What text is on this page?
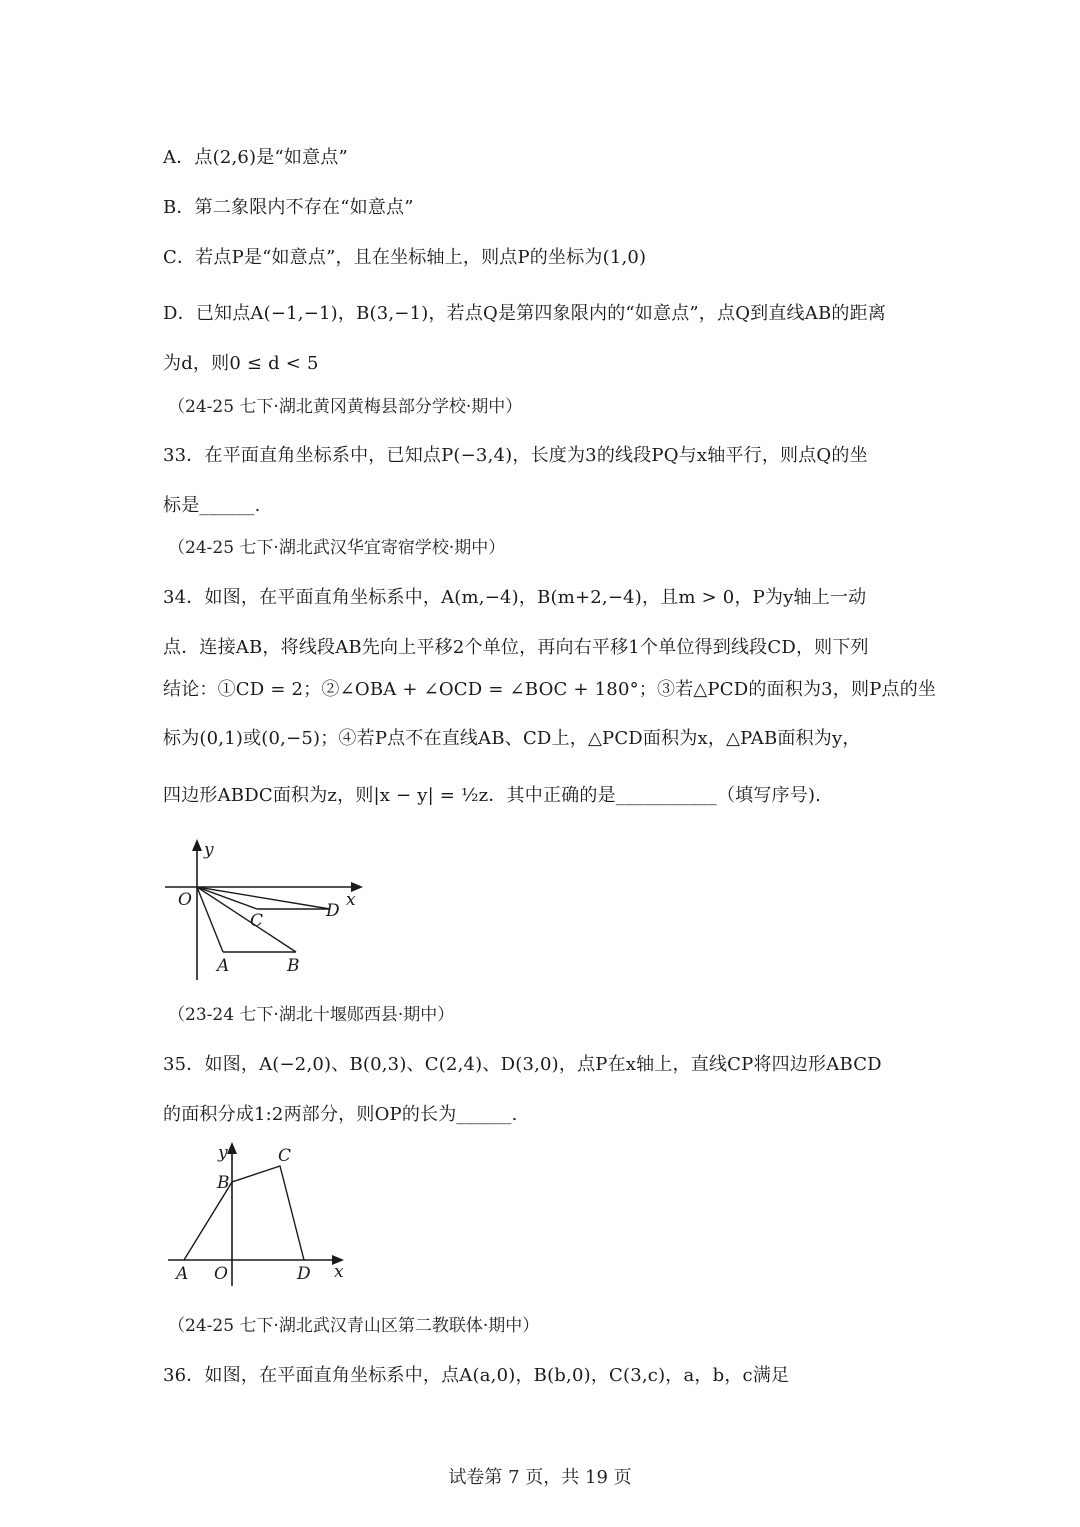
A．点(2,6)是“如意点”
B．第二象限内不存在“如意点”
C．若点P是“如意点”，且在坐标轴上，则点P的坐标为(1,0)
D．已知点A(−1,−1)，B(3,−1)，若点Q是第四象限内的“如意点”，点Q到直线AB的距离
为d，则0 ≤ d < 5
（24-25 七下·湖北黄冈黄梅县部分学校·期中）
33．在平面直角坐标系中，已知点P(−3,4)，长度为3的线段PQ与x轴平行，则点Q的坐
标是______.
（24-25 七下·湖北武汉华宜寄宿学校·期中）
34．如图，在平面直角坐标系中，A(m,−4)，B(m+2,−4)，且m > 0，P为y轴上一动
点．连接AB，将线段AB先向上平移2个单位，再向右平移1个单位得到线段CD，则下列
结论：①CD = 2；②∠OBA + ∠OCD = ∠BOC + 180°；③若△PCD的面积为3，则P点的坐
标为(0,1)或(0,−5)；④若P点不在直线AB、CD上，△PCD面积为x，△PAB面积为y，
四边形ABDC面积为z，则|x − y| = ½z．其中正确的是___________（填写序号).
y
x
O
C	D
A	B
（23-24 七下·湖北十堰郧西县·期中）
35．如图，A(−2,0)、B(0,3)、C(2,4)、D(3,0)，点P在x轴上，直线CP将四边形ABCD
的面积分成1:2两部分，则OP的长为______.
y
x
O
A
B
C
D
（24-25 七下·湖北武汉青山区第二教联体·期中）
36．如图，在平面直角坐标系中，点A(a,0)，B(b,0)，C(3,c)，a，b，c满足
试卷第 7 页，共 19 页
